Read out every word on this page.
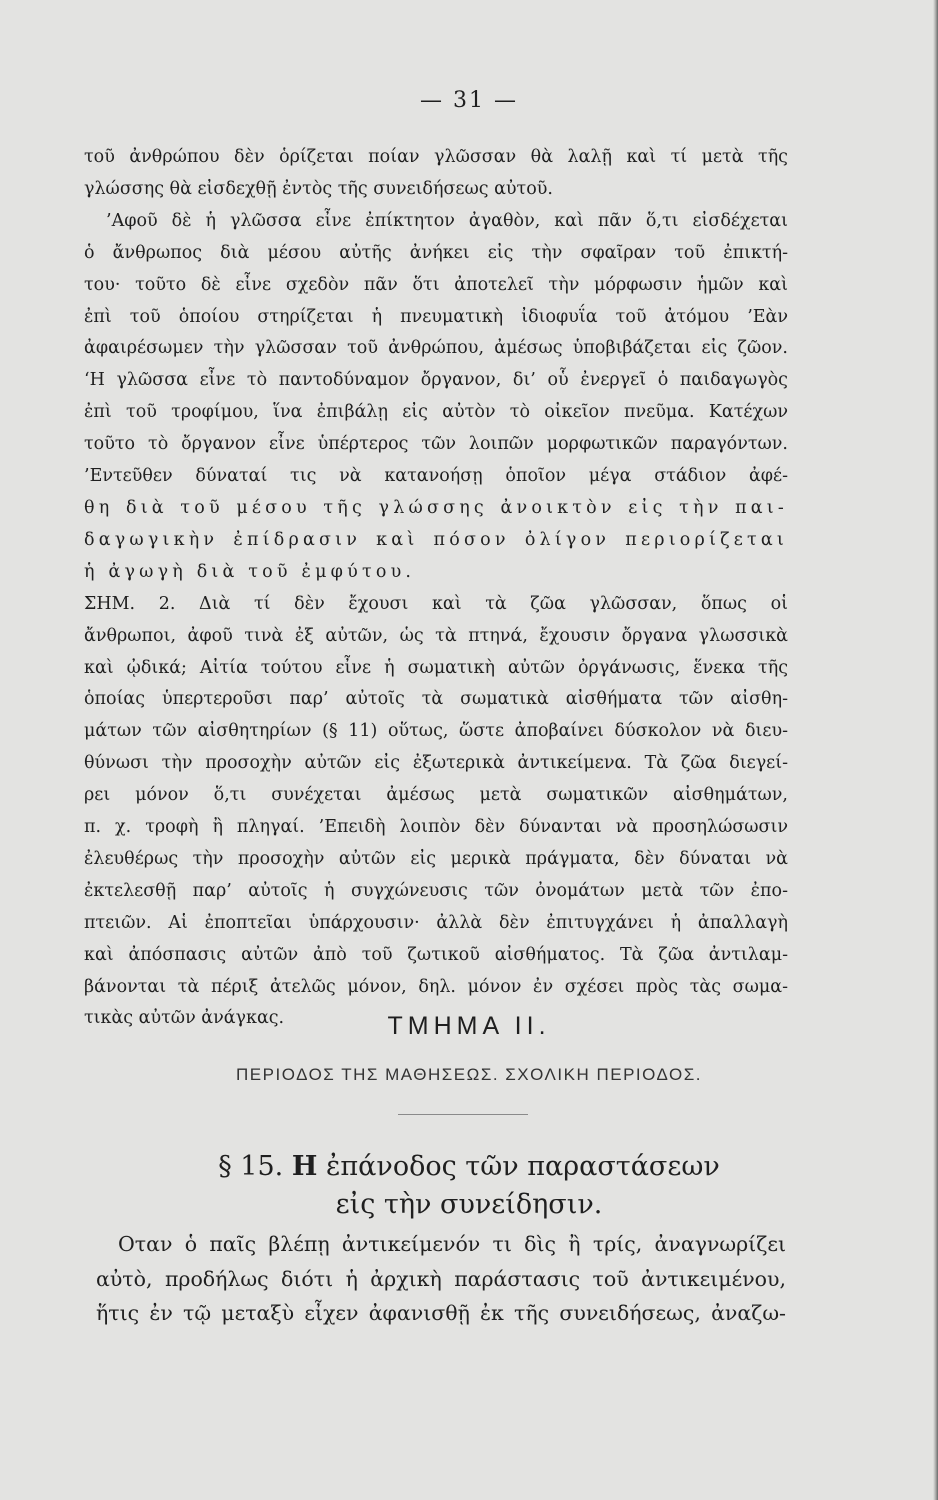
— 31 —
τοῦ ἀνθρώπου δὲν ὁρίζεται ποίαν γλῶσσαν θὰ λαλῇ καὶ τί μετὰ τῆς
γλώσσης θὰ εἰσδεχθῇ ἐντὸς τῆς συνειδήσεως αὐτοῦ.
’Αφοῦ δὲ ἡ γλῶσσα εἶνε ἐπίκτητον ἀγαθὸν, καὶ πᾶν ὅ,τι εἰσδέχεται
ὁ ἄνθρωπος διὰ μέσου αὐτῆς ἀνήκει εἰς τὴν σφαῖραν τοῦ ἐπικτή-
του· τοῦτο δὲ εἶνε σχεδὸν πᾶν ὅτι ἀποτελεῖ τὴν μόρφωσιν ἡμῶν καὶ
ἐπὶ τοῦ ὁποίου στηρίζεται ἡ πνευματικὴ ἰδιοφυΐα τοῦ ἀτόμου ’Εὰν
ἀφαιρέσωμεν τὴν γλῶσσαν τοῦ ἀνθρώπου, ἀμέσως ὑποβιβάζεται εἰς ζῶον.
‘Η γλῶσσα εἶνε τὸ παντοδύναμον ὄργανον, δι’ οὗ ἐνεργεῖ ὁ παιδαγωγὸς
ἐπὶ τοῦ τροφίμου, ἵνα ἐπιβάλῃ εἰς αὐτὸν τὸ οἰκεῖον πνεῦμα. Κατέχων
τοῦτο τὸ ὄργανον εἶνε ὑπέρτερος τῶν λοιπῶν μορφωτικῶν παραγόντων.
’Εντεῦθεν δύναταί τις νὰ κατανοήσῃ ὁποῖον μέγα στάδιον ἀφέ-
θη διὰ τοῦ μέσου τῆς γλώσσης ἀνοικτὸν εἰς τὴν παι-
δαγωγικὴν ἐπίδρασιν καὶ πόσον ὀλίγον περιορίζεται
ἡ ἀγωγὴ διὰ τοῦ ἐμφύτου.
ΣΗΜ. 2. Διὰ τί δὲν ἔχουσι καὶ τὰ ζῶα γλῶσσαν, ὅπως οἱ
ἄνθρωποι, ἀφοῦ τινὰ ἐξ αὐτῶν, ὡς τὰ πτηνά, ἔχουσιν ὄργανα γλωσσικὰ
καὶ ᾠδικά; Αἰτία τούτου εἶνε ἡ σωματικὴ αὐτῶν ὀργάνωσις, ἕνεκα τῆς
ὁποίας ὑπερτεροῦσι παρ’ αὐτοῖς τὰ σωματικὰ αἰσθήματα τῶν αἰσθη-
μάτων τῶν αἰσθητηρίων (§ 11) οὕτως, ὥστε ἀποβαίνει δύσκολον νὰ διευ-
θύνωσι τὴν προσοχὴν αὐτῶν εἰς ἐξωτερικὰ ἀντικείμενα. Τὰ ζῶα διεγεί-
ρει μόνον ὅ,τι συνέχεται ἀμέσως μετὰ σωματικῶν αἰσθημάτων,
π. χ. τροφὴ ἢ πληγαί. ’Επειδὴ λοιπὸν δὲν δύνανται νὰ προσηλώσωσιν
ἐλευθέρως τὴν προσοχὴν αὐτῶν εἰς μερικὰ πράγματα, δὲν δύναται νὰ
ἐκτελεσθῇ παρ’ αὐτοῖς ἡ συγχώνευσις τῶν ὀνομάτων μετὰ τῶν ἐπο-
πτειῶν. Αἱ ἐποπτεῖαι ὑπάρχουσιν· ἀλλὰ δὲν ἐπιτυγχάνει ἡ ἀπαλλαγὴ
καὶ ἀπόσπασις αὐτῶν ἀπὸ τοῦ ζωτικοῦ αἰσθήματος. Τὰ ζῶα ἀντιλαμ-
βάνονται τὰ πέριξ ἀτελῶς μόνον, δηλ. μόνον ἐν σχέσει πρὸς τὰς σωμα-
τικὰς αὐτῶν ἀνάγκας.	ΤΜΗΜΑ ΙΙ.
ΠΕΡΙΟΔΟΣ ΤΗΣ ΜΑΘΗΣΕΩΣ. ΣΧΟΛΙΚΗ ΠΕΡΙΟΔΟΣ.
§ 15. Η ἐπάνοδος τῶν παραστάσεων
εἰς τὴν συνείδησιν.
Οταν ὁ παῖς βλέπῃ ἀντικείμενόν τι δὶς ἢ τρίς, ἀναγνωρίζει
αὐτὸ, προδήλως διότι ἡ ἀρχικὴ παράστασις τοῦ ἀντικειμένου,
ἥτις ἐν τῷ μεταξὺ εἶχεν ἀφανισθῇ ἐκ τῆς συνειδήσεως, ἀναζω-
